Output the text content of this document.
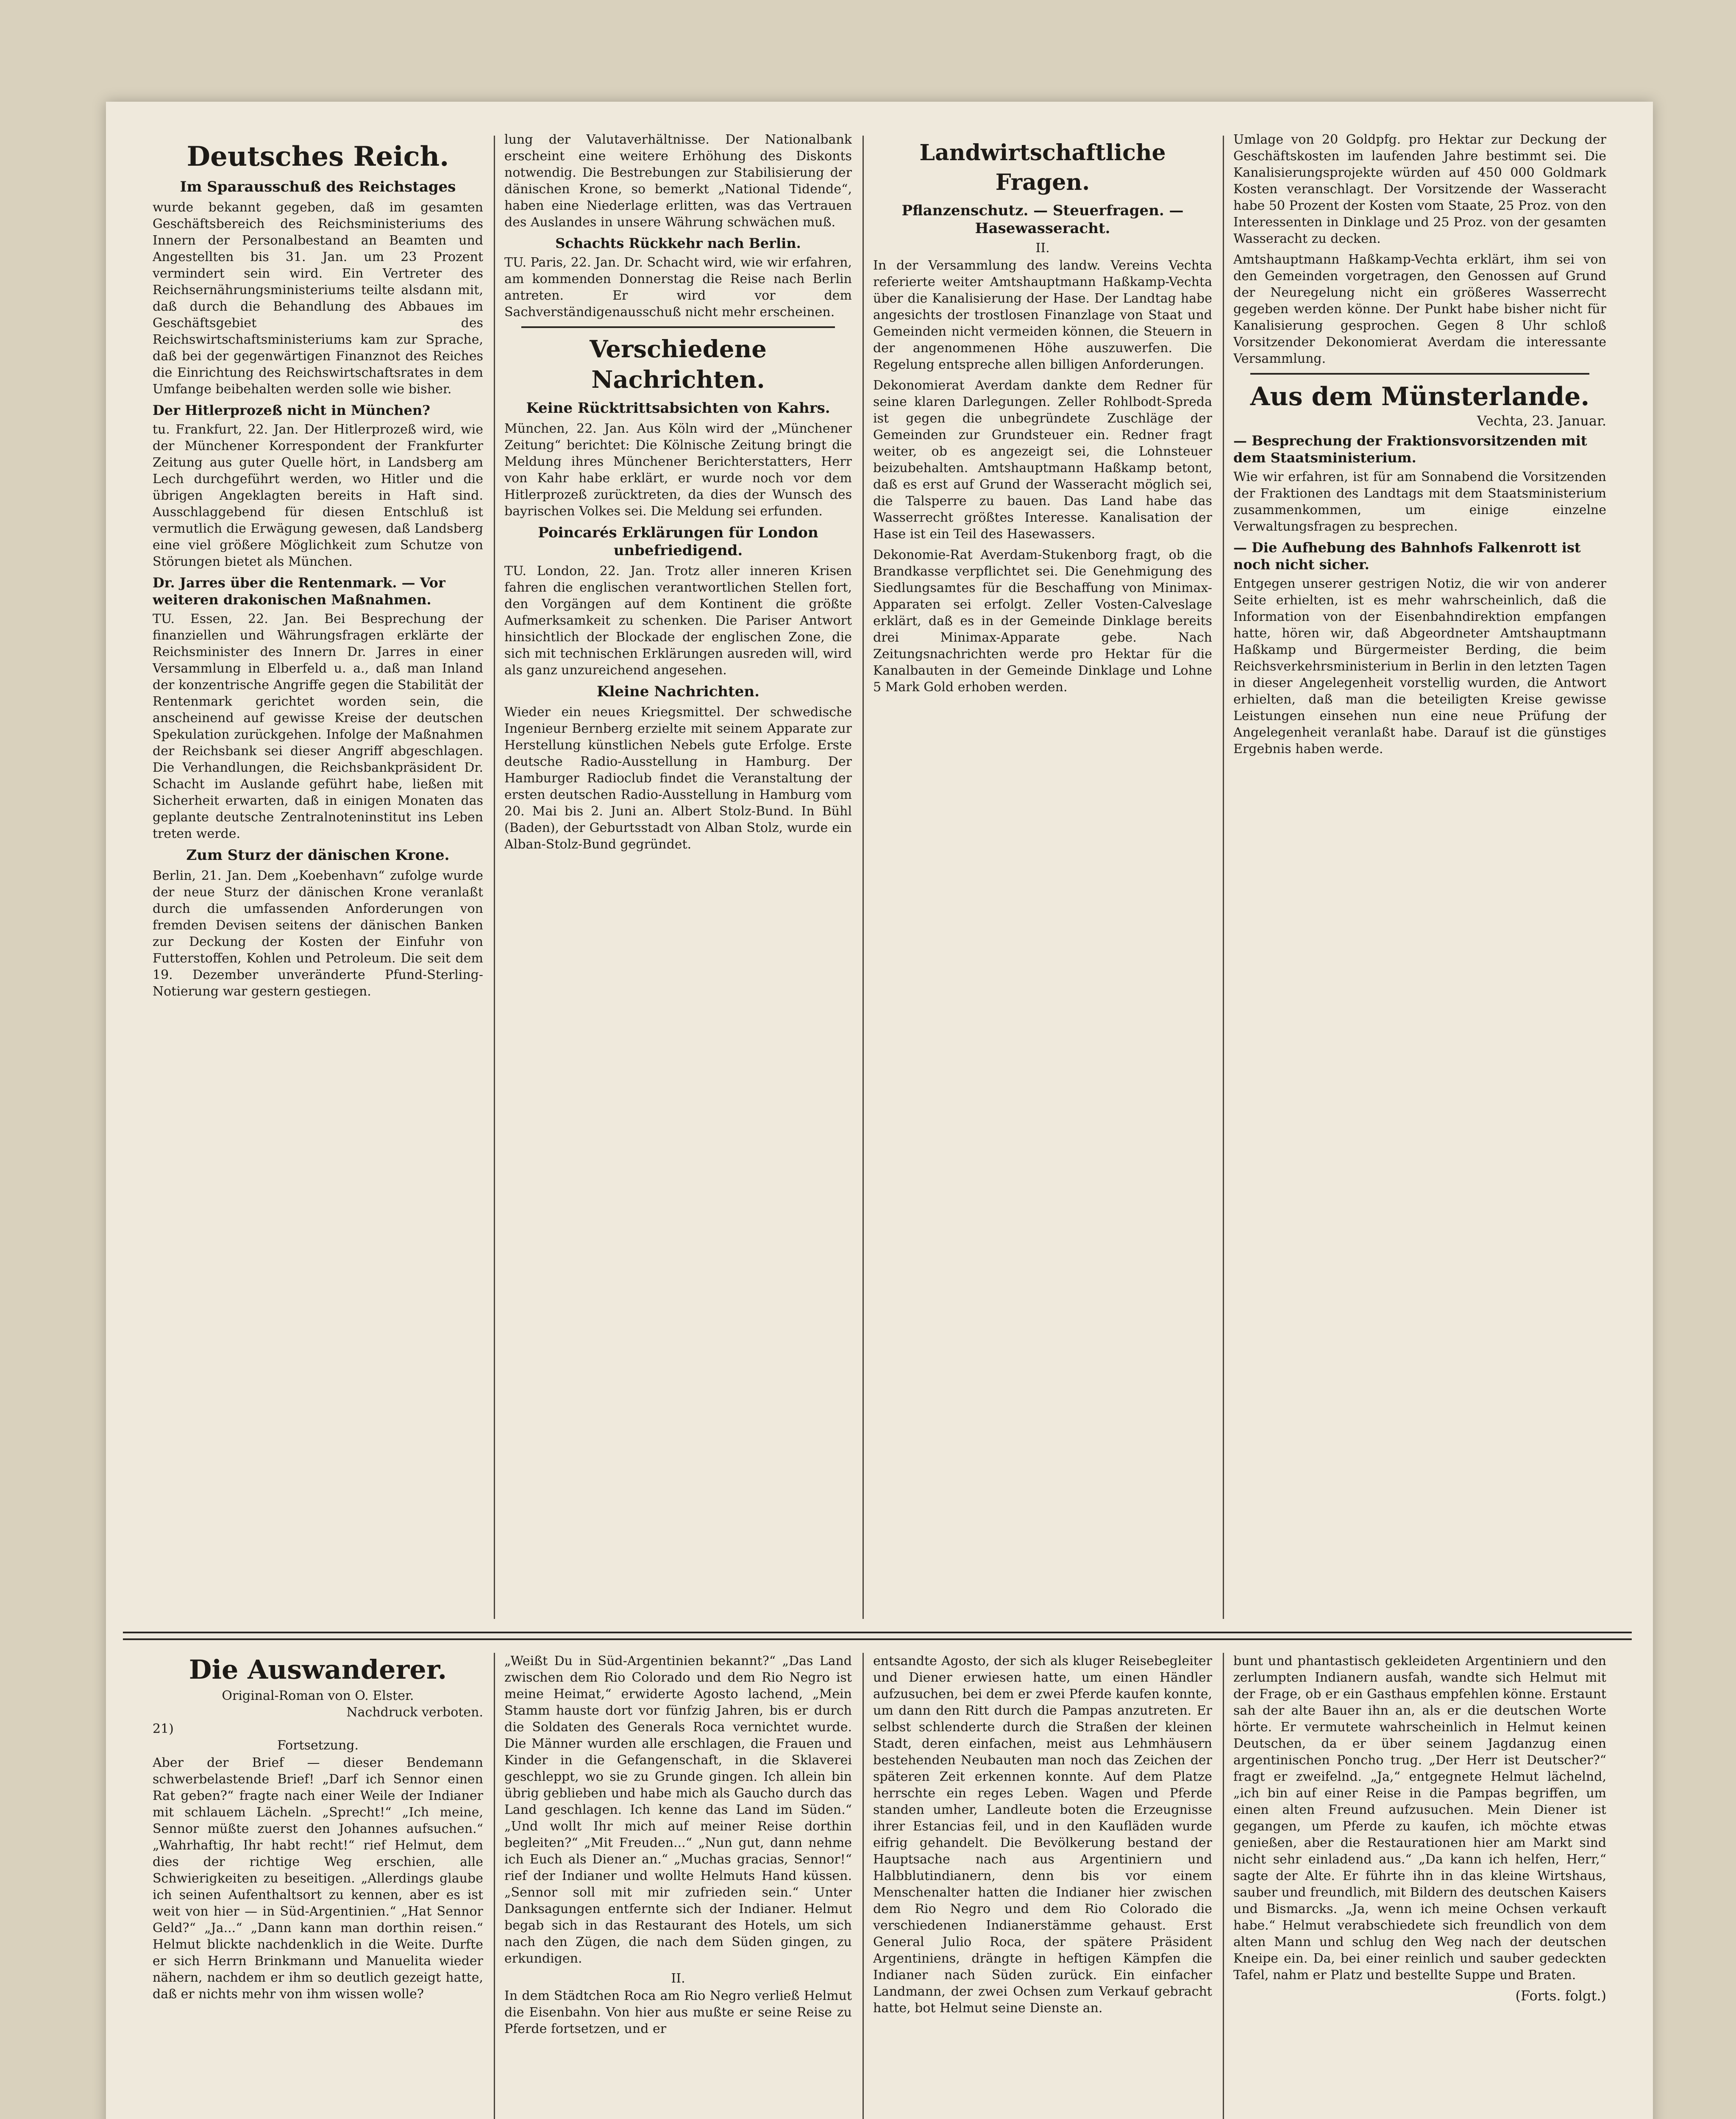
Deutsches Reich.
Im Sparausschuß des Reichstages

wurde bekannt gegeben, daß im gesamten Geschäftsbereich des Reichsministeriums des Innern der Personalbestand an Beamten und Angestellten bis 31. Jan. um 23 Prozent vermindert sein wird. Ein Vertreter des Reichsernährungsministeriums teilte alsdann mit, daß durch die Behandlung des Abbaues im Geschäftsgebiet des Reichswirtschaftsministeriums kam zur Sprache, daß bei der gegenwärtigen Finanznot des Reiches die Einrichtung des Reichswirtschaftsrates in dem Umfange beibehalten werden solle wie bisher.

Der Hitlerprozeß nicht in München?

tu. Frankfurt, 22. Jan. Der Hitlerprozeß wird, wie der Münchener Korrespondent der Frankfurter Zeitung aus guter Quelle hört, in Landsberg am Lech durchgeführt werden, wo Hitler und die übrigen Angeklagten bereits in Haft sind. Ausschlaggebend für diesen Entschluß ist vermutlich die Erwägung gewesen, daß Landsberg eine viel größere Möglichkeit zum Schutze von Störungen bietet als München.

Dr. Jarres über die Rentenmark. — Vor weiteren drakonischen Maßnahmen.

TU. Essen, 22. Jan. Bei Besprechung der finanziellen und Währungsfragen erklärte der Reichsminister des Innern Dr. Jarres in einer Versammlung in Elberfeld u. a., daß man Inland der konzentrische Angriffe gegen die Stabilität der Rentenmark gerichtet worden sein, die anscheinend auf gewisse Kreise der deutschen Spekulation zurückgehen. Infolge der Maßnahmen der Reichsbank sei dieser Angriff abgeschlagen. Die Verhandlungen, die Reichsbankpräsident Dr. Schacht im Auslande geführt habe, ließen mit Sicherheit erwarten, daß in einigen Monaten das geplante deutsche Zentralnoteninstitut ins Leben treten werde.

Zum Sturz der dänischen Krone.

Berlin, 21. Jan. Dem „Koebenhavn“ zufolge wurde der neue Sturz der dänischen Krone veranlaßt durch die umfassenden Anforderungen von fremden Devisen seitens der dänischen Banken zur Deckung der Kosten der Einfuhr von Futterstoffen, Kohlen und Petroleum. Die seit dem 19. Dezember unveränderte Pfund-Sterling-Notierung war gestern gestiegen.

lung der Valutaverhältnisse. Der Nationalbank erscheint eine weitere Erhöhung des Diskonts notwendig. Die Bestrebungen zur Stabilisierung der dänischen Krone, so bemerkt „National Tidende“, haben eine Niederlage erlitten, was das Vertrauen des Auslandes in unsere Währung schwächen muß.

Schachts Rückkehr nach Berlin.

TU. Paris, 22. Jan. Dr. Schacht wird, wie wir erfahren, am kommenden Donnerstag die Reise nach Berlin antreten. Er wird vor dem Sachverständigenausschuß nicht mehr erscheinen.

Verschiedene Nachrichten.
Keine Rücktrittsabsichten von Kahrs.

München, 22. Jan. Aus Köln wird der „Münchener Zeitung“ berichtet: Die Kölnische Zeitung bringt die Meldung ihres Münchener Berichterstatters, Herr von Kahr habe erklärt, er wurde noch vor dem Hitlerprozeß zurücktreten, da dies der Wunsch des bayrischen Volkes sei. Die Meldung sei erfunden.

Poincarés Erklärungen für London unbefriedigend.

TU. London, 22. Jan. Trotz aller inneren Krisen fahren die englischen verantwortlichen Stellen fort, den Vorgängen auf dem Kontinent die größte Aufmerksamkeit zu schenken. Die Pariser Antwort hinsichtlich der Blockade der englischen Zone, die sich mit technischen Erklärungen ausreden will, wird als ganz unzureichend angesehen.

Kleine Nachrichten.

Wieder ein neues Kriegsmittel. Der schwedische Ingenieur Bernberg erzielte mit seinem Apparate zur Herstellung künstlichen Nebels gute Erfolge. Erste deutsche Radio-Ausstellung in Hamburg. Der Hamburger Radioclub findet die Veranstaltung der ersten deutschen Radio-Ausstellung in Hamburg vom 20. Mai bis 2. Juni an. Albert Stolz-Bund. In Bühl (Baden), der Geburtsstadt von Alban Stolz, wurde ein Alban-Stolz-Bund gegründet.

Landwirtschaftliche Fragen.
Pflanzenschutz. — Steuerfragen. — Hasewasseracht.
II.

In der Versammlung des landw. Vereins Vechta referierte weiter Amtshauptmann Haßkamp-Vechta über die Kanalisierung der Hase. Der Landtag habe angesichts der trostlosen Finanzlage von Staat und Gemeinden nicht vermeiden können, die Steuern in der angenommenen Höhe auszuwerfen. Die Regelung entspreche allen billigen Anforderungen.

Dekonomierat Averdam dankte dem Redner für seine klaren Darlegungen. Zeller Rohlbodt-Spreda ist gegen die unbegründete Zuschläge der Gemeinden zur Grundsteuer ein. Redner fragt weiter, ob es angezeigt sei, die Lohnsteuer beizubehalten. Amtshauptmann Haßkamp betont, daß es erst auf Grund der Wasseracht möglich sei, die Talsperre zu bauen. Das Land habe das Wasserrecht größtes Interesse. Kanalisation der Hase ist ein Teil des Hasewassers.

Dekonomie-Rat Averdam-Stukenborg fragt, ob die Brandkasse verpflichtet sei. Die Genehmigung des Siedlungsamtes für die Beschaffung von Minimax-Apparaten sei erfolgt. Zeller Vosten-Calveslage erklärt, daß es in der Gemeinde Dinklage bereits drei Minimax-Apparate gebe. Nach Zeitungsnachrichten werde pro Hektar für die Kanalbauten in der Gemeinde Dinklage und Lohne 5 Mark Gold erhoben werden.

Umlage von 20 Goldpfg. pro Hektar zur Deckung der Geschäftskosten im laufenden Jahre bestimmt sei. Die Kanalisierungsprojekte würden auf 450 000 Goldmark Kosten veranschlagt. Der Vorsitzende der Wasseracht habe 50 Prozent der Kosten vom Staate, 25 Proz. von den Interessenten in Dinklage und 25 Proz. von der gesamten Wasseracht zu decken.

Amtshauptmann Haßkamp-Vechta erklärt, ihm sei von den Gemeinden vorgetragen, den Genossen auf Grund der Neuregelung nicht ein größeres Wasserrecht gegeben werden könne. Der Punkt habe bisher nicht für Kanalisierung gesprochen. Gegen 8 Uhr schloß Vorsitzender Dekonomierat Averdam die interessante Versammlung.

Aus dem Münsterlande.
Vechta, 23. Januar.
— Besprechung der Fraktionsvorsitzenden mit dem Staatsministerium.

Wie wir erfahren, ist für am Sonnabend die Vorsitzenden der Fraktionen des Landtags mit dem Staatsministerium zusammenkommen, um einige einzelne Verwaltungsfragen zu besprechen.

— Die Aufhebung des Bahnhofs Falkenrott ist noch nicht sicher.

Entgegen unserer gestrigen Notiz, die wir von anderer Seite erhielten, ist es mehr wahrscheinlich, daß die Information von der Eisenbahndirektion empfangen hatte, hören wir, daß Abgeordneter Amtshauptmann Haßkamp und Bürgermeister Berding, die beim Reichsverkehrsministerium in Berlin in den letzten Tagen in dieser Angelegenheit vorstellig wurden, die Antwort erhielten, daß man die beteiligten Kreise gewisse Leistungen einsehen nun eine neue Prüfung der Angelegenheit veranlaßt habe. Darauf ist die günstiges Ergebnis haben werde.

Die Auswanderer.
Original-Roman von O. Elster.
Nachdruck verboten.
21)
Fortsetzung.

Aber der Brief — dieser Bendemann schwerbelastende Brief! „Darf ich Sennor einen Rat geben?“ fragte nach einer Weile der Indianer mit schlauem Lächeln. „Sprecht!“ „Ich meine, Sennor müßte zuerst den Johannes aufsuchen.“ „Wahrhaftig, Ihr habt recht!“ rief Helmut, dem dies der richtige Weg erschien, alle Schwierigkeiten zu beseitigen. „Allerdings glaube ich seinen Aufenthaltsort zu kennen, aber es ist weit von hier — in Süd-Argentinien.“ „Hat Sennor Geld?“ „Ja...“ „Dann kann man dorthin reisen.“ Helmut blickte nachdenklich in die Weite. Durfte er sich Herrn Brinkmann und Manuelita wieder nähern, nachdem er ihm so deutlich gezeigt hatte, daß er nichts mehr von ihm wissen wolle?

„Weißt Du in Süd-Argentinien bekannt?“ „Das Land zwischen dem Rio Colorado und dem Rio Negro ist meine Heimat,“ erwiderte Agosto lachend, „Mein Stamm hauste dort vor fünfzig Jahren, bis er durch die Soldaten des Generals Roca vernichtet wurde. Die Männer wurden alle erschlagen, die Frauen und Kinder in die Gefangenschaft, in die Sklaverei geschleppt, wo sie zu Grunde gingen. Ich allein bin übrig geblieben und habe mich als Gaucho durch das Land geschlagen. Ich kenne das Land im Süden.“ „Und wollt Ihr mich auf meiner Reise dorthin begleiten?“ „Mit Freuden...“ „Nun gut, dann nehme ich Euch als Diener an.“ „Muchas gracias, Sennor!“ rief der Indianer und wollte Helmuts Hand küssen. „Sennor soll mit mir zufrieden sein.“ Unter Danksagungen entfernte sich der Indianer. Helmut begab sich in das Restaurant des Hotels, um sich nach den Zügen, die nach dem Süden gingen, zu erkundigen.

II.

In dem Städtchen Roca am Rio Negro verließ Helmut die Eisenbahn. Von hier aus mußte er seine Reise zu Pferde fortsetzen, und er

entsandte Agosto, der sich als kluger Reisebegleiter und Diener erwiesen hatte, um einen Händler aufzusuchen, bei dem er zwei Pferde kaufen konnte, um dann den Ritt durch die Pampas anzutreten. Er selbst schlenderte durch die Straßen der kleinen Stadt, deren einfachen, meist aus Lehmhäusern bestehenden Neubauten man noch das Zeichen der späteren Zeit erkennen konnte. Auf dem Platze herrschte ein reges Leben. Wagen und Pferde standen umher, Landleute boten die Erzeugnisse ihrer Estancias feil, und in den Kaufläden wurde eifrig gehandelt. Die Bevölkerung bestand der Hauptsache nach aus Argentiniern und Halbblutindianern, denn bis vor einem Menschenalter hatten die Indianer hier zwischen dem Rio Negro und dem Rio Colorado die verschiedenen Indianerstämme gehaust. Erst General Julio Roca, der spätere Präsident Argentiniens, drängte in heftigen Kämpfen die Indianer nach Süden zurück. Ein einfacher Landmann, der zwei Ochsen zum Verkauf gebracht hatte, bot Helmut seine Dienste an.

bunt und phantastisch gekleideten Argentiniern und den zerlumpten Indianern ausfah, wandte sich Helmut mit der Frage, ob er ein Gasthaus empfehlen könne. Erstaunt sah der alte Bauer ihn an, als er die deutschen Worte hörte. Er vermutete wahrscheinlich in Helmut keinen Deutschen, da er über seinem Jagdanzug einen argentinischen Poncho trug. „Der Herr ist Deutscher?“ fragt er zweifelnd. „Ja,“ entgegnete Helmut lächelnd, „ich bin auf einer Reise in die Pampas begriffen, um einen alten Freund aufzusuchen. Mein Diener ist gegangen, um Pferde zu kaufen, ich möchte etwas genießen, aber die Restaurationen hier am Markt sind nicht sehr einladend aus.“ „Da kann ich helfen, Herr,“ sagte der Alte. Er führte ihn in das kleine Wirtshaus, sauber und freundlich, mit Bildern des deutschen Kaisers und Bismarcks. „Ja, wenn ich meine Ochsen verkauft habe.“ Helmut verabschiedete sich freundlich von dem alten Mann und schlug den Weg nach der deutschen Kneipe ein. Da, bei einer reinlich und sauber gedeckten Tafel, nahm er Platz und bestellte Suppe und Braten.

(Forts. folgt.)
